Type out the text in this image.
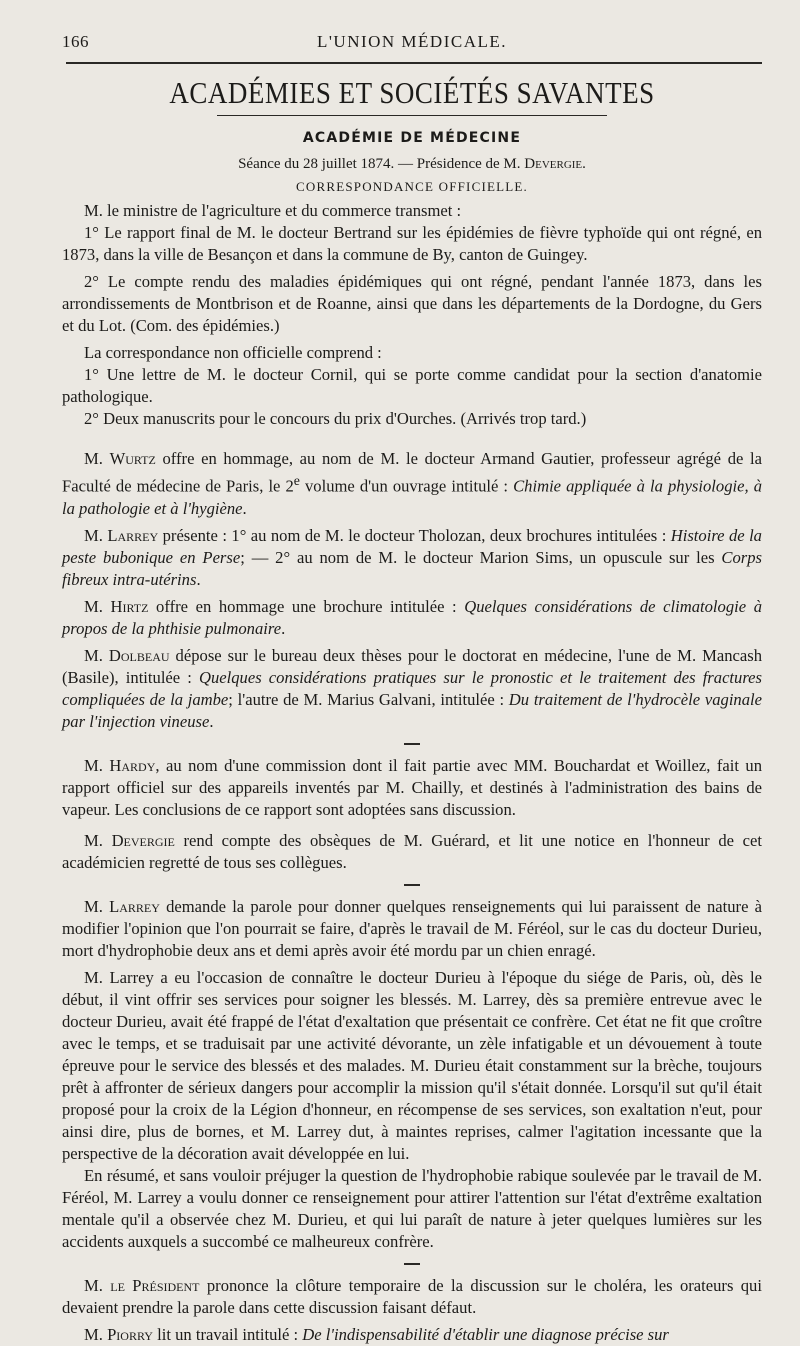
166	L'UNION MÉDICALE.
ACADÉMIES ET SOCIÉTÉS SAVANTES
ACADÉMIE DE MÉDECINE
Séance du 28 juillet 1874. — Présidence de M. Devergie.
CORRESPONDANCE OFFICIELLE.

M. le ministre de l'agriculture et du commerce transmet :

1° Le rapport final de M. le docteur Bertrand sur les épidémies de fièvre typhoïde qui ont régné, en 1873, dans la ville de Besançon et dans la commune de By, canton de Guingey.

2° Le compte rendu des maladies épidémiques qui ont régné, pendant l'année 1873, dans les arrondissements de Montbrison et de Roanne, ainsi que dans les départements de la Dordogne, du Gers et du Lot. (Com. des épidémies.)

La correspondance non officielle comprend :

1° Une lettre de M. le docteur Cornil, qui se porte comme candidat pour la section d'anatomie pathologique.

2° Deux manuscrits pour le concours du prix d'Ourches. (Arrivés trop tard.)

M. Wurtz offre en hommage, au nom de M. le docteur Armand Gautier, professeur agrégé de la Faculté de médecine de Paris, le 2e volume d'un ouvrage intitulé : Chimie appliquée à la physiologie, à la pathologie et à l'hygiène.

M. Larrey présente : 1° au nom de M. le docteur Tholozan, deux brochures intitulées : Histoire de la peste bubonique en Perse; — 2° au nom de M. le docteur Marion Sims, un opuscule sur les Corps fibreux intra-utérins.

M. Hirtz offre en hommage une brochure intitulée : Quelques considérations de climatologie à propos de la phthisie pulmonaire.

M. Dolbeau dépose sur le bureau deux thèses pour le doctorat en médecine, l'une de M. Mancash (Basile), intitulée : Quelques considérations pratiques sur le pronostic et le traitement des fractures compliquées de la jambe; l'autre de M. Marius Galvani, intitulée : Du traitement de l'hydrocèle vaginale par l'injection vineuse.

M. Hardy, au nom d'une commission dont il fait partie avec MM. Bouchardat et Woillez, fait un rapport officiel sur des appareils inventés par M. Chailly, et destinés à l'administration des bains de vapeur. Les conclusions de ce rapport sont adoptées sans discussion.

M. Devergie rend compte des obsèques de M. Guérard, et lit une notice en l'honneur de cet académicien regretté de tous ses collègues.

M. Larrey demande la parole pour donner quelques renseignements qui lui paraissent de nature à modifier l'opinion que l'on pourrait se faire, d'après le travail de M. Féréol, sur le cas du docteur Durieu, mort d'hydrophobie deux ans et demi après avoir été mordu par un chien enragé.

M. Larrey a eu l'occasion de connaître le docteur Durieu à l'époque du siége de Paris, où, dès le début, il vint offrir ses services pour soigner les blessés. M. Larrey, dès sa première entrevue avec le docteur Durieu, avait été frappé de l'état d'exaltation que présentait ce confrère. Cet état ne fit que croître avec le temps, et se traduisait par une activité dévorante, un zèle infatigable et un dévouement à toute épreuve pour le service des blessés et des malades. M. Durieu était constamment sur la brèche, toujours prêt à affronter de sérieux dangers pour accomplir la mission qu'il s'était donnée. Lorsqu'il sut qu'il était proposé pour la croix de la Légion d'honneur, en récompense de ses services, son exaltation n'eut, pour ainsi dire, plus de bornes, et M. Larrey dut, à maintes reprises, calmer l'agitation incessante que la perspective de la décoration avait développée en lui.

En résumé, et sans vouloir préjuger la question de l'hydrophobie rabique soulevée par le travail de M. Féréol, M. Larrey a voulu donner ce renseignement pour attirer l'attention sur l'état d'extrême exaltation mentale qu'il a observée chez M. Durieu, et qui lui paraît de nature à jeter quelques lumières sur les accidents auxquels a succombé ce malheureux confrère.

M. le Président prononce la clôture temporaire de la discussion sur le choléra, les orateurs qui devaient prendre la parole dans cette discussion faisant défaut.

M. Piorry lit un travail intitulé : De l'indispensabilité d'établir une diagnose précise sur
